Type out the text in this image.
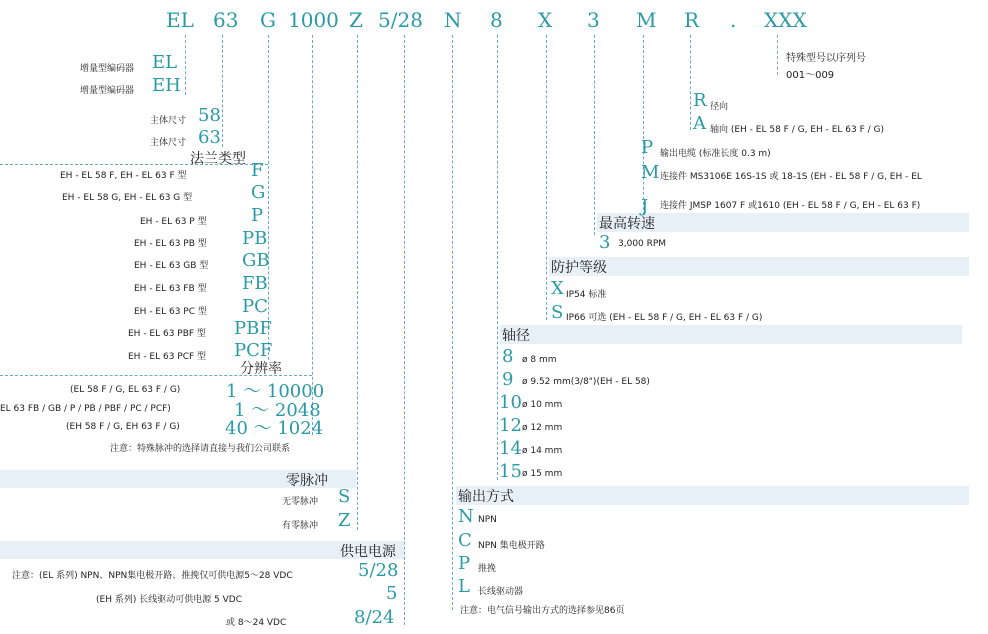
EL 63 G 1000 Z 5/28 N 8 X 3 M R . XXX
特殊型号以序列号
001～009
增量型编码器 EL
增量型编码器 EH
主体尺寸 58
主体尺寸 63
法兰类型
EH - EL 58 F, EH - EL 63 F 型	F
EH - EL 58 G, EH - EL 63 G 型	G
EH - EL 63 P 型 P
EH - EL 63 PB 型 PB
EH - EL 63 GB 型 GB
EH - EL 63 FB 型 FB
EH - EL 63 PC 型 PC
EH - EL 63 PBF 型 PBF
EH - EL 63 PCF 型 PCF
分辨率
(EL 58 F / G, EL 63 F / G)	1 ～ 10000
EL 63 FB / GB / P / PB / PBF / PC / PCF)	1 ～ 2048
(EH 58 F / G, EH 63 F / G)	40 ～ 1024
注意：特殊脉冲的选择请直接与我们公司联系
零脉冲
无零脉冲 S
有零脉冲 Z
供电电源
注意：(EL 系列) NPN、NPN集电极开路、推挽仅可供电源5～28 VDC	5/28
(EH 系列) 长线驱动可供电源 5 VDC	5
或 8～24 VDC	8/24
输出方式
N NPN
C NPN 集电极开路
P 推挽
L 长线驱动器
注意：电气信号输出方式的选择参见86页
轴径
8 ø 8 mm
9 ø 9.52 mm(3/8")(EH - EL 58)
10 ø 10 mm
12 ø 12 mm
14 ø 14 mm
15 ø 15 mm
防护等级
X IP54 标准
S IP66 可选 (EH - EL 58 F / G, EH - EL 63 F / G)
最高转速
3 3,000 RPM
P 输出电缆 (标准长度 0.3 m)
M 连接件 MS3106E 16S-1S 或 18-1S (EH - EL 58 F / G, EH - EL
J 连接件 JMSP 1607 F 或1610 (EH - EL 58 F / G, EH - EL 63 F)
R 径向
A 轴向 (EH - EL 58 F / G, EH - EL 63 F / G)
